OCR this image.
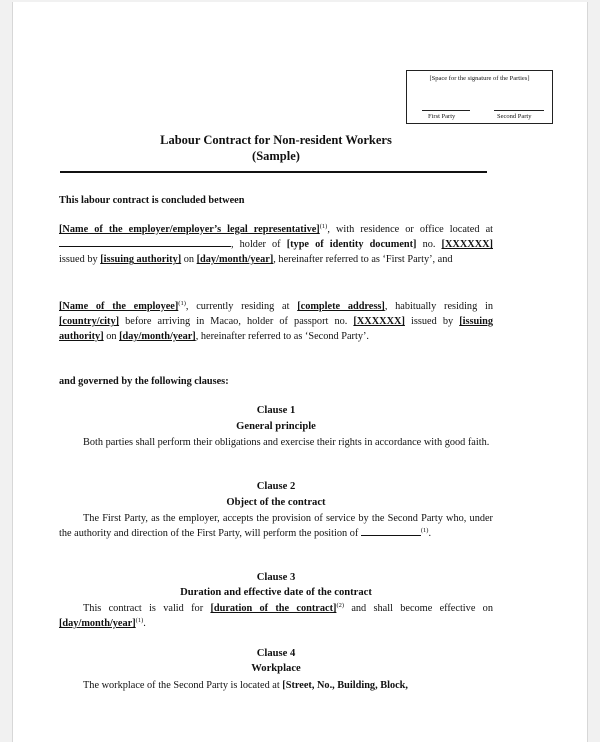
[Space for the signature of the Parties]
First Party	Second Party
Labour Contract for Non-resident Workers
(Sample)
This labour contract is concluded between
[Name of the employer/employer’s legal representative]$^{(1)}$, with residence or office located at , holder of [type of identity document] no. [XXXXXX] issued by [issuing authority] on [day/month/year], hereinafter referred to as ‘First Party’, and
[Name of the employee]$^{(1)}$, currently residing at [complete address], habitually residing in [country/city] before arriving in Macao, holder of passport no. [XXXXXX] issued by [issuing authority] on [day/month/year], hereinafter referred to as ‘Second Party’.
and governed by the following clauses:
Clause 1
General principle
Both parties shall perform their obligations and exercise their rights in accordance with good faith.
Clause 2
Object of the contract
The First Party, as the employer, accepts the provision of service by the Second Party who, under the authority and direction of the First Party, will perform the position of	$^{(1)}$.
Clause 3
Duration and effective date of the contract
This contract is valid for [duration of the contract]$^{(2)}$ and shall become effective on [day/month/year]$^{(1)}$.
Clause 4
Workplace
The workplace of the Second Party is located at [Street, No., Building, Block,
